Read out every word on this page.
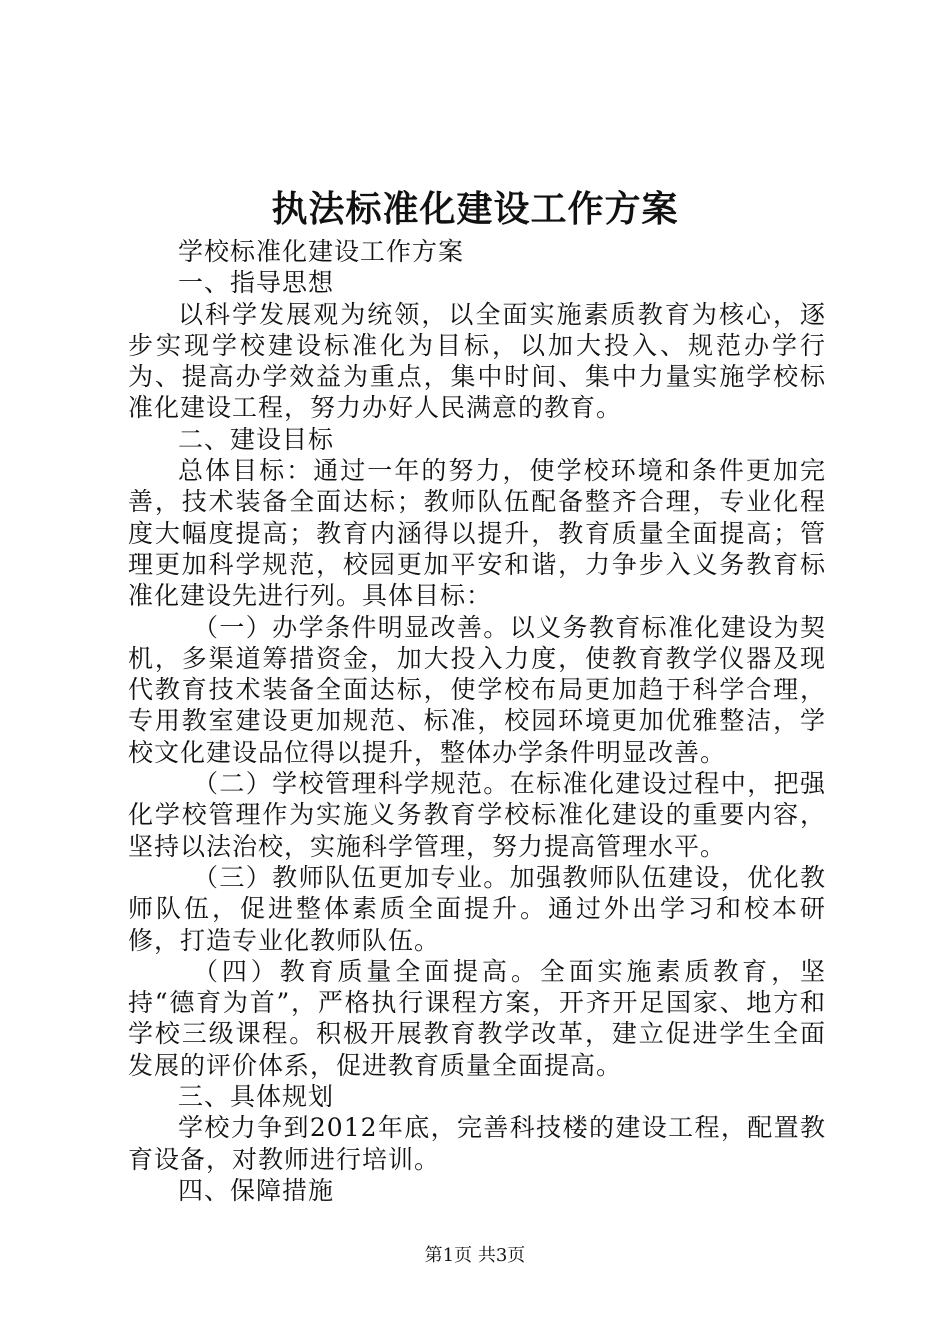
执法标准化建设工作方案

学校标准化建设工作方案

一、指导思想

以科学发展观为统领，以全面实施素质教育为核心，逐步实现学校建设标准化为目标，以加大投入、规范办学行为、提高办学效益为重点，集中时间、集中力量实施学校标准化建设工程，努力办好人民满意的教育。

二、建设目标

总体目标：通过一年的努力，使学校环境和条件更加完善，技术装备全面达标；教师队伍配备整齐合理，专业化程度大幅度提高；教育内涵得以提升，教育质量全面提高；管理更加科学规范，校园更加平安和谐，力争步入义务教育标准化建设先进行列。具体目标：

（一）办学条件明显改善。以义务教育标准化建设为契机，多渠道筹措资金，加大投入力度，使教育教学仪器及现代教育技术装备全面达标，使学校布局更加趋于科学合理，专用教室建设更加规范、标准，校园环境更加优雅整洁，学校文化建设品位得以提升，整体办学条件明显改善。

（二）学校管理科学规范。在标准化建设过程中，把强化学校管理作为实施义务教育学校标准化建设的重要内容，坚持以法治校，实施科学管理，努力提高管理水平。

（三）教师队伍更加专业。加强教师队伍建设，优化教师队伍，促进整体素质全面提升。通过外出学习和校本研修，打造专业化教师队伍。

（四）教育质量全面提高。全面实施素质教育，坚持“德育为首”，严格执行课程方案，开齐开足国家、地方和学校三级课程。积极开展教育教学改革，建立促进学生全面发展的评价体系，促进教育质量全面提高。

三、具体规划

学校力争到2012年底，完善科技楼的建设工程，配置教育设备，对教师进行培训。

四、保障措施

第1页 共3页
